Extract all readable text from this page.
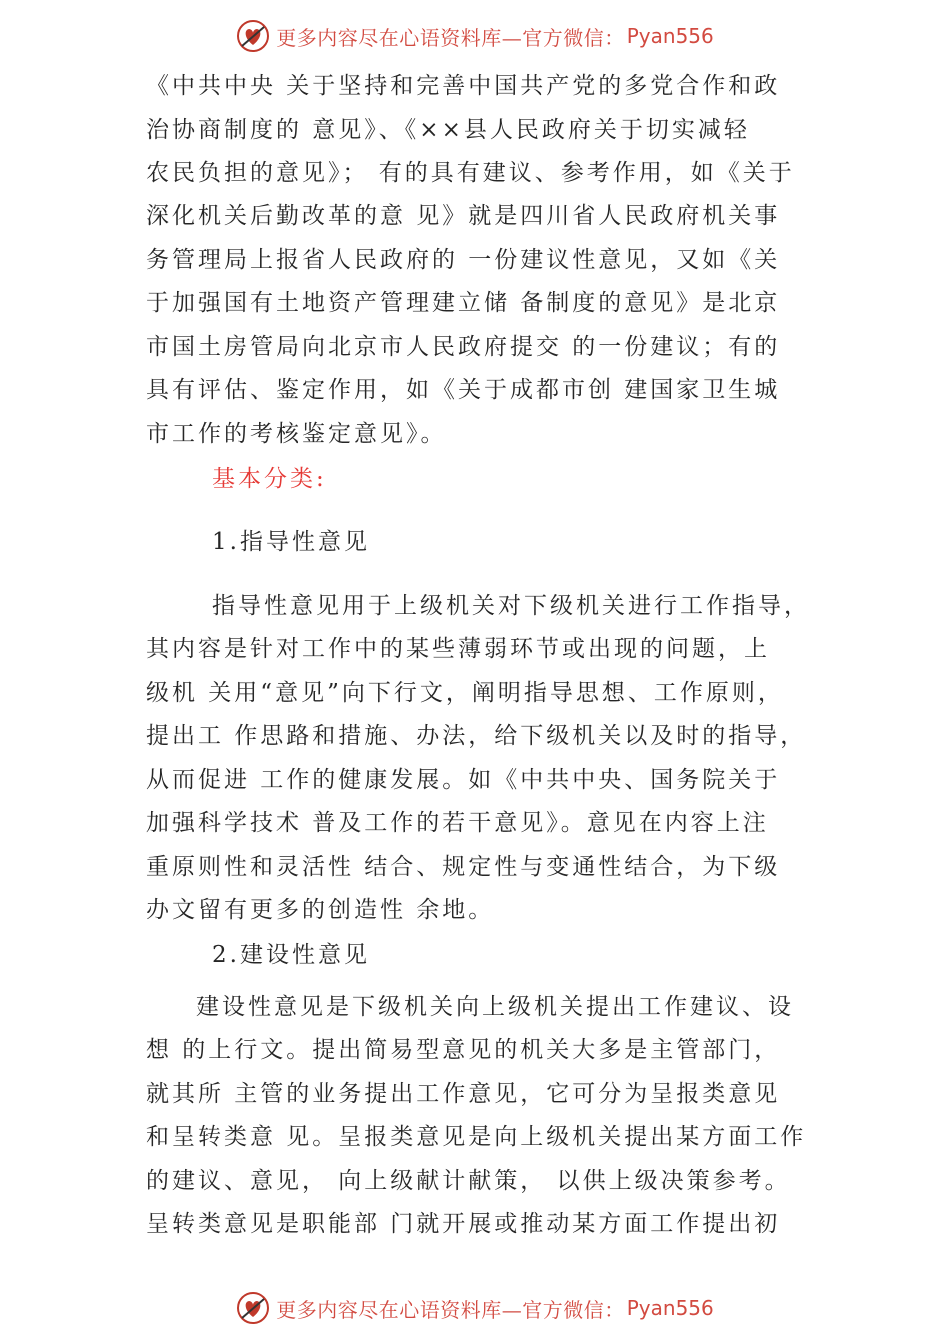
更多内容尽在心语资料库—官方微信： Pyan556
《中共中央 关于坚持和完善中国共产党的多党合作和政
治协商制度的 意见》、《××县人民政府关于切实减轻
农民负担的意见》； 有的具有建议、参考作用，如《关于
深化机关后勤改革的意 见》就是四川省人民政府机关事
务管理局上报省人民政府的 一份建议性意见，又如《关
于加强国有土地资产管理建立储 备制度的意见》是北京
市国土房管局向北京市人民政府提交 的一份建议；有的
具有评估、鉴定作用，如《关于成都市创 建国家卫生城
市工作的考核鉴定意见》。
基本分类:
1.指导性意见
指导性意见用于上级机关对下级机关进行工作指导，
其内容是针对工作中的某些薄弱环节或出现的问题，上
级机 关用“意见”向下行文，阐明指导思想、工作原则，
提出工 作思路和措施、办法，给下级机关以及时的指导，
从而促进 工作的健康发展。如《中共中央、国务院关于
加强科学技术 普及工作的若干意见》。意见在内容上注
重原则性和灵活性 结合、规定性与变通性结合，为下级
办文留有更多的创造性 余地。
2.建设性意见
建设性意见是下级机关向上级机关提出工作建议、设
想 的上行文。提出简易型意见的机关大多是主管部门，
就其所 主管的业务提出工作意见，它可分为呈报类意见
和呈转类意 见。呈报类意见是向上级机关提出某方面工作
的建议、意见， 向上级献计献策， 以供上级决策参考。
呈转类意见是职能部 门就开展或推动某方面工作提出初
更多内容尽在心语资料库—官方微信： Pyan556
